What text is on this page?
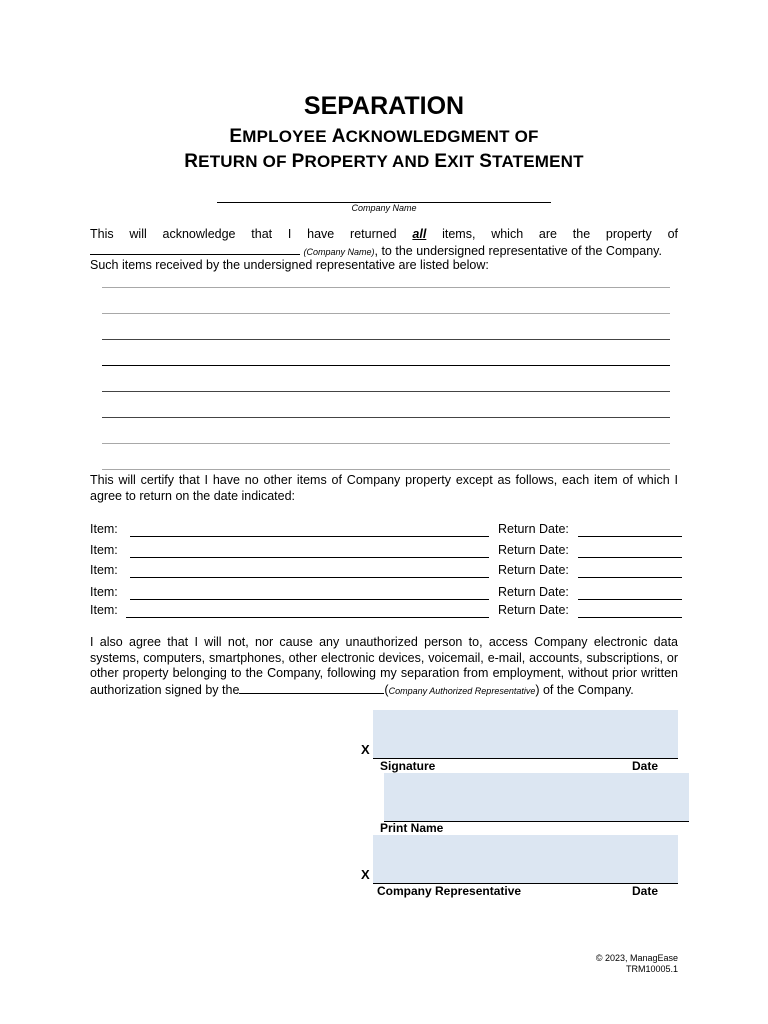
SEPARATION
EMPLOYEE ACKNOWLEDGMENT OF
RETURN OF PROPERTY AND EXIT STATEMENT
Company Name
This will acknowledge that I have returned all items, which are the property of
(Company Name), to the undersigned representative of the Company.
Such items received by the undersigned representative are listed below:
This will certify that I have no other items of Company property except as follows, each item of which I agree to return on the date indicated:
Item:	Return Date:
Item:	Return Date:
Item:	Return Date:
Item:	Return Date:
Item:	Return Date:
I also agree that I will not, nor cause any unauthorized person to, access Company electronic data systems, computers, smartphones, other electronic devices, voicemail, e-mail, accounts, subscriptions, or other property belonging to the Company, following my separation from employment, without prior written authorization signed by the	(Company Authorized Representative) of the Company.
X
Signature	Date
Print Name
X
Company Representative	Date
© 2023, ManagEase
TRM10005.1
